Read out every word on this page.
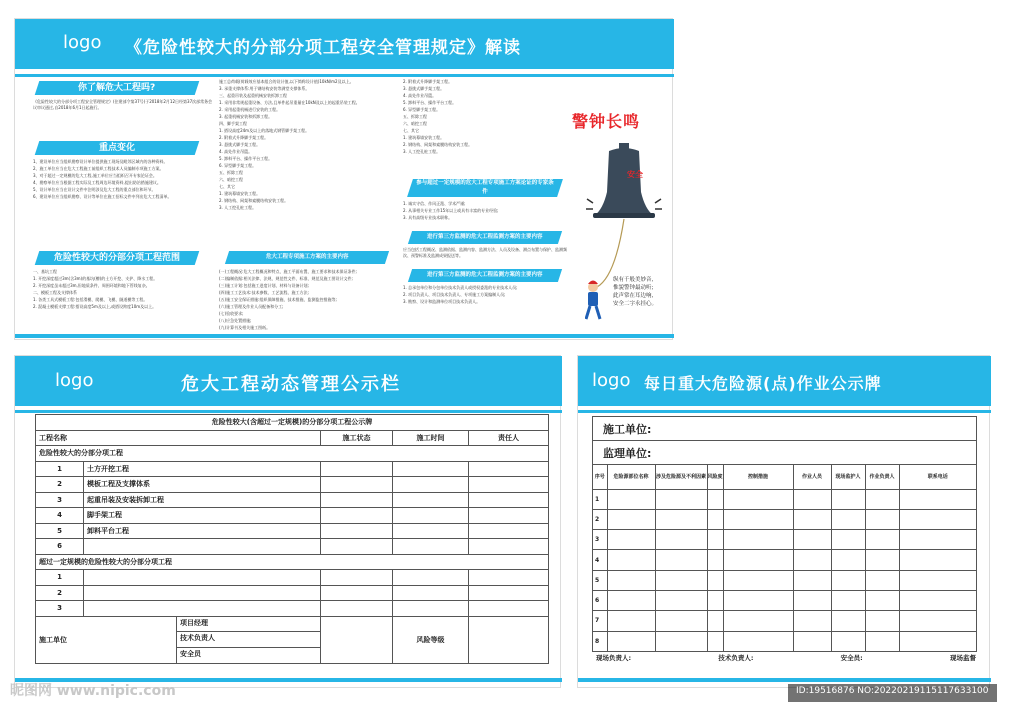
logo 《危险性较大的分部分项工程安全管理规定》解读
你了解危大工程吗?

《危险性较大的分部分项工程安全管理规定》(住建部令第37号)于2018年2月12日经第37次部常务会议审议通过,自2018年6月1日起施行。

重点变化

1、建设单位应当组织勘察设计单位提供施工现场及毗邻区域内的各种资料。

2、施工单位应当在危大工程施工前组织工程技术人员编制专项施工方案。

3、对于超过一定规模的危大工程,施工单位应当组织召开专家论证会。

4、勘察单位应当根据工程实际及工程周边环境资料,提出防治措施建议。

5、设计单位应当在设计文件中注明涉及危大工程的重点部位和环节。

6、建设单位应当组织勘察、设计等单位在施工招标文件中列出危大工程清单。

危险性较大的分部分项工程范围

一、基坑工程

1. 开挖深度超过3m(含3m)的基坑(槽)的土方开挖、支护、降水工程。

2. 开挖深度虽未超过3m,但地质条件、周围环境和地下管线复杂。

二、模板工程及支撑体系

1. 各类工具式模板工程:包括滑模、爬模、飞模、隧道模等工程。

2. 混凝土模板支撑工程:搭设高度5m及以上,或搭设跨度10m及以上。

施工总荷载(荷载效应基本组合的设计值,以下简称设计值)10kN/m2及以上。

3. 承重支撑体系:用于钢结构安装等满堂支撑体系。

三、起重吊装及起重机械安装拆卸工程

1. 采用非常规起重设备、方法,且单件起吊重量在10kN及以上的起重吊装工程。

2. 采用起重机械进行安装的工程。

3. 起重机械安装和拆卸工程。

四、脚手架工程

1. 搭设高度24m及以上的落地式钢管脚手架工程。

2. 附着式升降脚手架工程。

3. 悬挑式脚手架工程。

4. 高处作业吊篮。

5. 卸料平台、操作平台工程。

6. 异型脚手架工程。

五、拆除工程

六、暗挖工程

七、其它

1. 建筑幕墙安装工程。

2. 钢结构、网架和索膜结构安装工程。

3. 人工挖孔桩工程。

危大工程专项施工方案的主要内容

(一)工程概况:危大工程概况和特点、施工平面布置、施工要求和技术保证条件;

(二)编制依据:相关法律、法规、规范性文件、标准、规范及施工图设计文件;

(三)施工计划:包括施工进度计划、材料与设备计划;

(四)施工工艺技术:技术参数、工艺流程、施工方法;

(五)施工安全保证措施:组织保障措施、技术措施、监测监控措施等;

(六)施工管理及作业人员配备和分工;

(七)验收要求;

(八)应急处置措施;

(九)计算书及相关施工图纸。

2. 附着式升降脚手架工程。

3. 悬挑式脚手架工程。

4. 高处作业吊篮。

5. 卸料平台、操作平台工程。

6. 异型脚手架工程。

五、拆除工程

六、暗挖工程

七、其它

1. 建筑幕墙安装工程。

2. 钢结构、网架和索膜结构安装工程。

3. 人工挖孔桩工程。

参与超过一定规模的危大工程专项施工方案论证的专家条件

1. 诚实守信、作风正派、学术严谨;

2. 从事相关专业工作15年以上或具有丰富的专业经验;

3. 具有高级专业技术职称。

进行第三方监测的危大工程监测方案的主要内容

应当包括工程概况、监测依据、监测内容、监测方法、人员及设备、测点布置与保护、监测频次、预警标准及监测成果报送等。

进行第三方监测的危大工程监测方案的主要内容

1. 总承包单位和分包单位技术负责人或授权委派的专业技术人员;

2. 项目负责人、项目技术负责人、专项施工方案编制人员;

3. 勘察、设计和监测单位项目技术负责人。

警钟长鸣
安全
纵有千般美妙音,
惟貌警钟最动听;
此声常在耳边响,
安全二字永挂心。
logo	危大工程动态管理公示栏
危险性较大(含超过一定规模)的分部分项工程公示牌				
工程名称		施工状态	施工时间	责任人
危险性较大的分部分项工程				
1	土方开挖工程			
2	模板工程及支撑体系			
3	起重吊装及安装拆卸工程			
4	脚手架工程			
5	卸料平台工程			
6				
超过一定规模的危险性较大的分部分项工程				
1				
2				
3				

施工单位
项目经理
技术负责人
安全员			风险等级	

logo 每日重大危险源(点)作业公示牌
施工单位:
监理单位:
序号	危险源部位名称	涉及危险源及不利因素	风险度	控制措施	作业人员	现场监护人	作业负责人	联系电话
1								
2								
3								
4								
5								
6								
7								
8								
现场负责人:	技术负责人:	安全员:	现场监督
昵图网 www.nipic.com	ID:19516876 NO:20220219115117633100
